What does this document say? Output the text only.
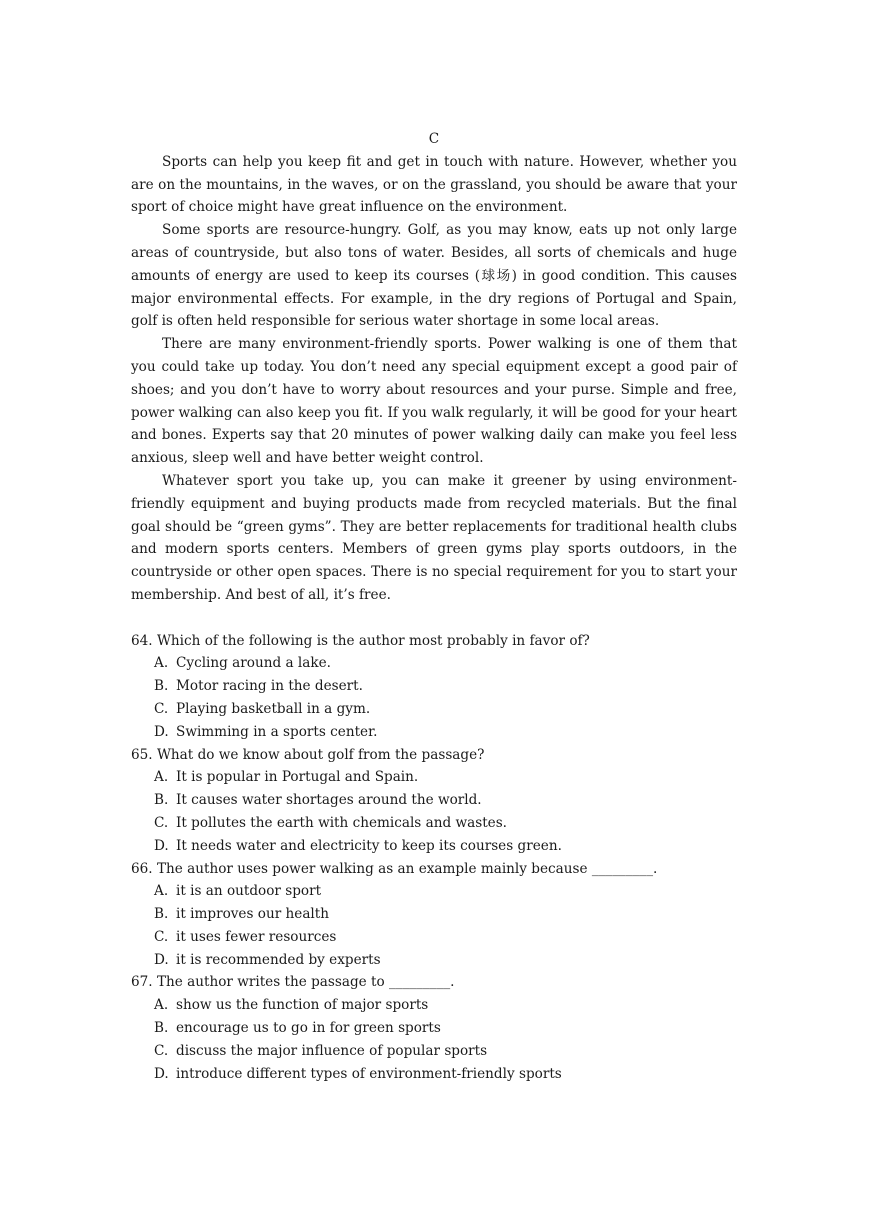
C

Sports can help you keep fit and get in touch with nature. However, whether you are on the mountains, in the waves, or on the grassland, you should be aware that your sport of choice might have great influence on the environment.

Some sports are resource-hungry. Golf, as you may know, eats up not only large areas of countryside, but also tons of water. Besides, all sorts of chemicals and huge amounts of energy are used to keep its courses (球场) in good condition. This causes major environmental effects. For example, in the dry regions of Portugal and Spain, golf is often held responsible for serious water shortage in some local areas.

There are many environment-friendly sports. Power walking is one of them that you could take up today. You don’t need any special equipment except a good pair of shoes; and you don’t have to worry about resources and your purse. Simple and free, power walking can also keep you fit. If you walk regularly, it will be good for your heart and bones. Experts say that 20 minutes of power walking daily can make you feel less anxious, sleep well and have better weight control.

Whatever sport you take up, you can make it greener by using environment-friendly equipment and buying products made from recycled materials. But the final goal should be “green gyms”. They are better replacements for traditional health clubs and modern sports centers. Members of green gyms play sports outdoors, in the countryside or other open spaces. There is no special requirement for you to start your membership. And best of all, it’s free.

64. Which of the following is the author most probably in favor of?

A. Cycling around a lake.
B. Motor racing in the desert.
C. Playing basketball in a gym.
D. Swimming in a sports center.

65. What do we know about golf from the passage?

A. It is popular in Portugal and Spain.
B. It causes water shortages around the world.
C. It pollutes the earth with chemicals and wastes.
D. It needs water and electricity to keep its courses green.

66. The author uses power walking as an example mainly because _________.

A. it is an outdoor sport
B. it improves our health
C. it uses fewer resources
D. it is recommended by experts

67. The author writes the passage to _________.

A. show us the function of major sports
B. encourage us to go in for green sports
C. discuss the major influence of popular sports
D. introduce different types of environment-friendly sports
